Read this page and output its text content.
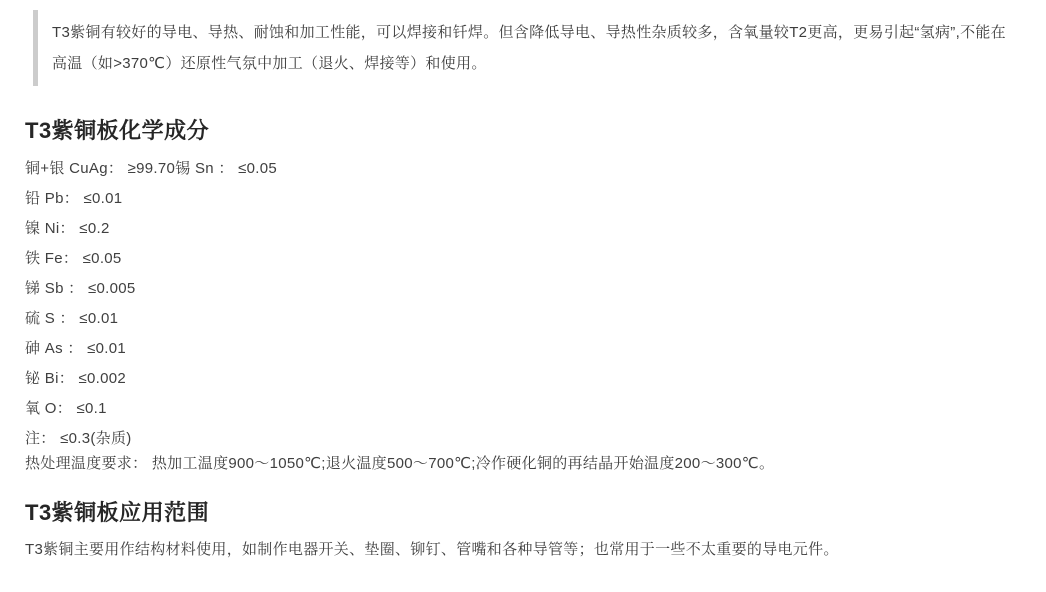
T3紫铜有较好的导电、导热、耐蚀和加工性能，可以焊接和钎焊。但含降低导电、导热性杂质较多，含氧量较T2更高，更易引起“氢病”,不能在高温（如>370℃）还原性气氛中加工（退火、焊接等）和使用。

T3紫铜板化学成分

铜+银 CuAg： ≥99.70锡 Sn ： ≤0.05

铅 Pb： ≤0.01

镍 Ni： ≤0.2

铁 Fe： ≤0.05

锑 Sb ： ≤0.005

硫 S ： ≤0.01

砷 As ： ≤0.01

铋 Bi： ≤0.002

氧 O： ≤0.1

注： ≤0.3(杂质)

热处理温度要求： 热加工温度900～1050℃;退火温度500～700℃;冷作硬化铜的再结晶开始温度200～300℃。

T3紫铜板应用范围

T3紫铜主要用作结构材料使用，如制作电器开关、垫圈、铆钉、管嘴和各种导管等；也常用于一些不太重要的导电元件。
